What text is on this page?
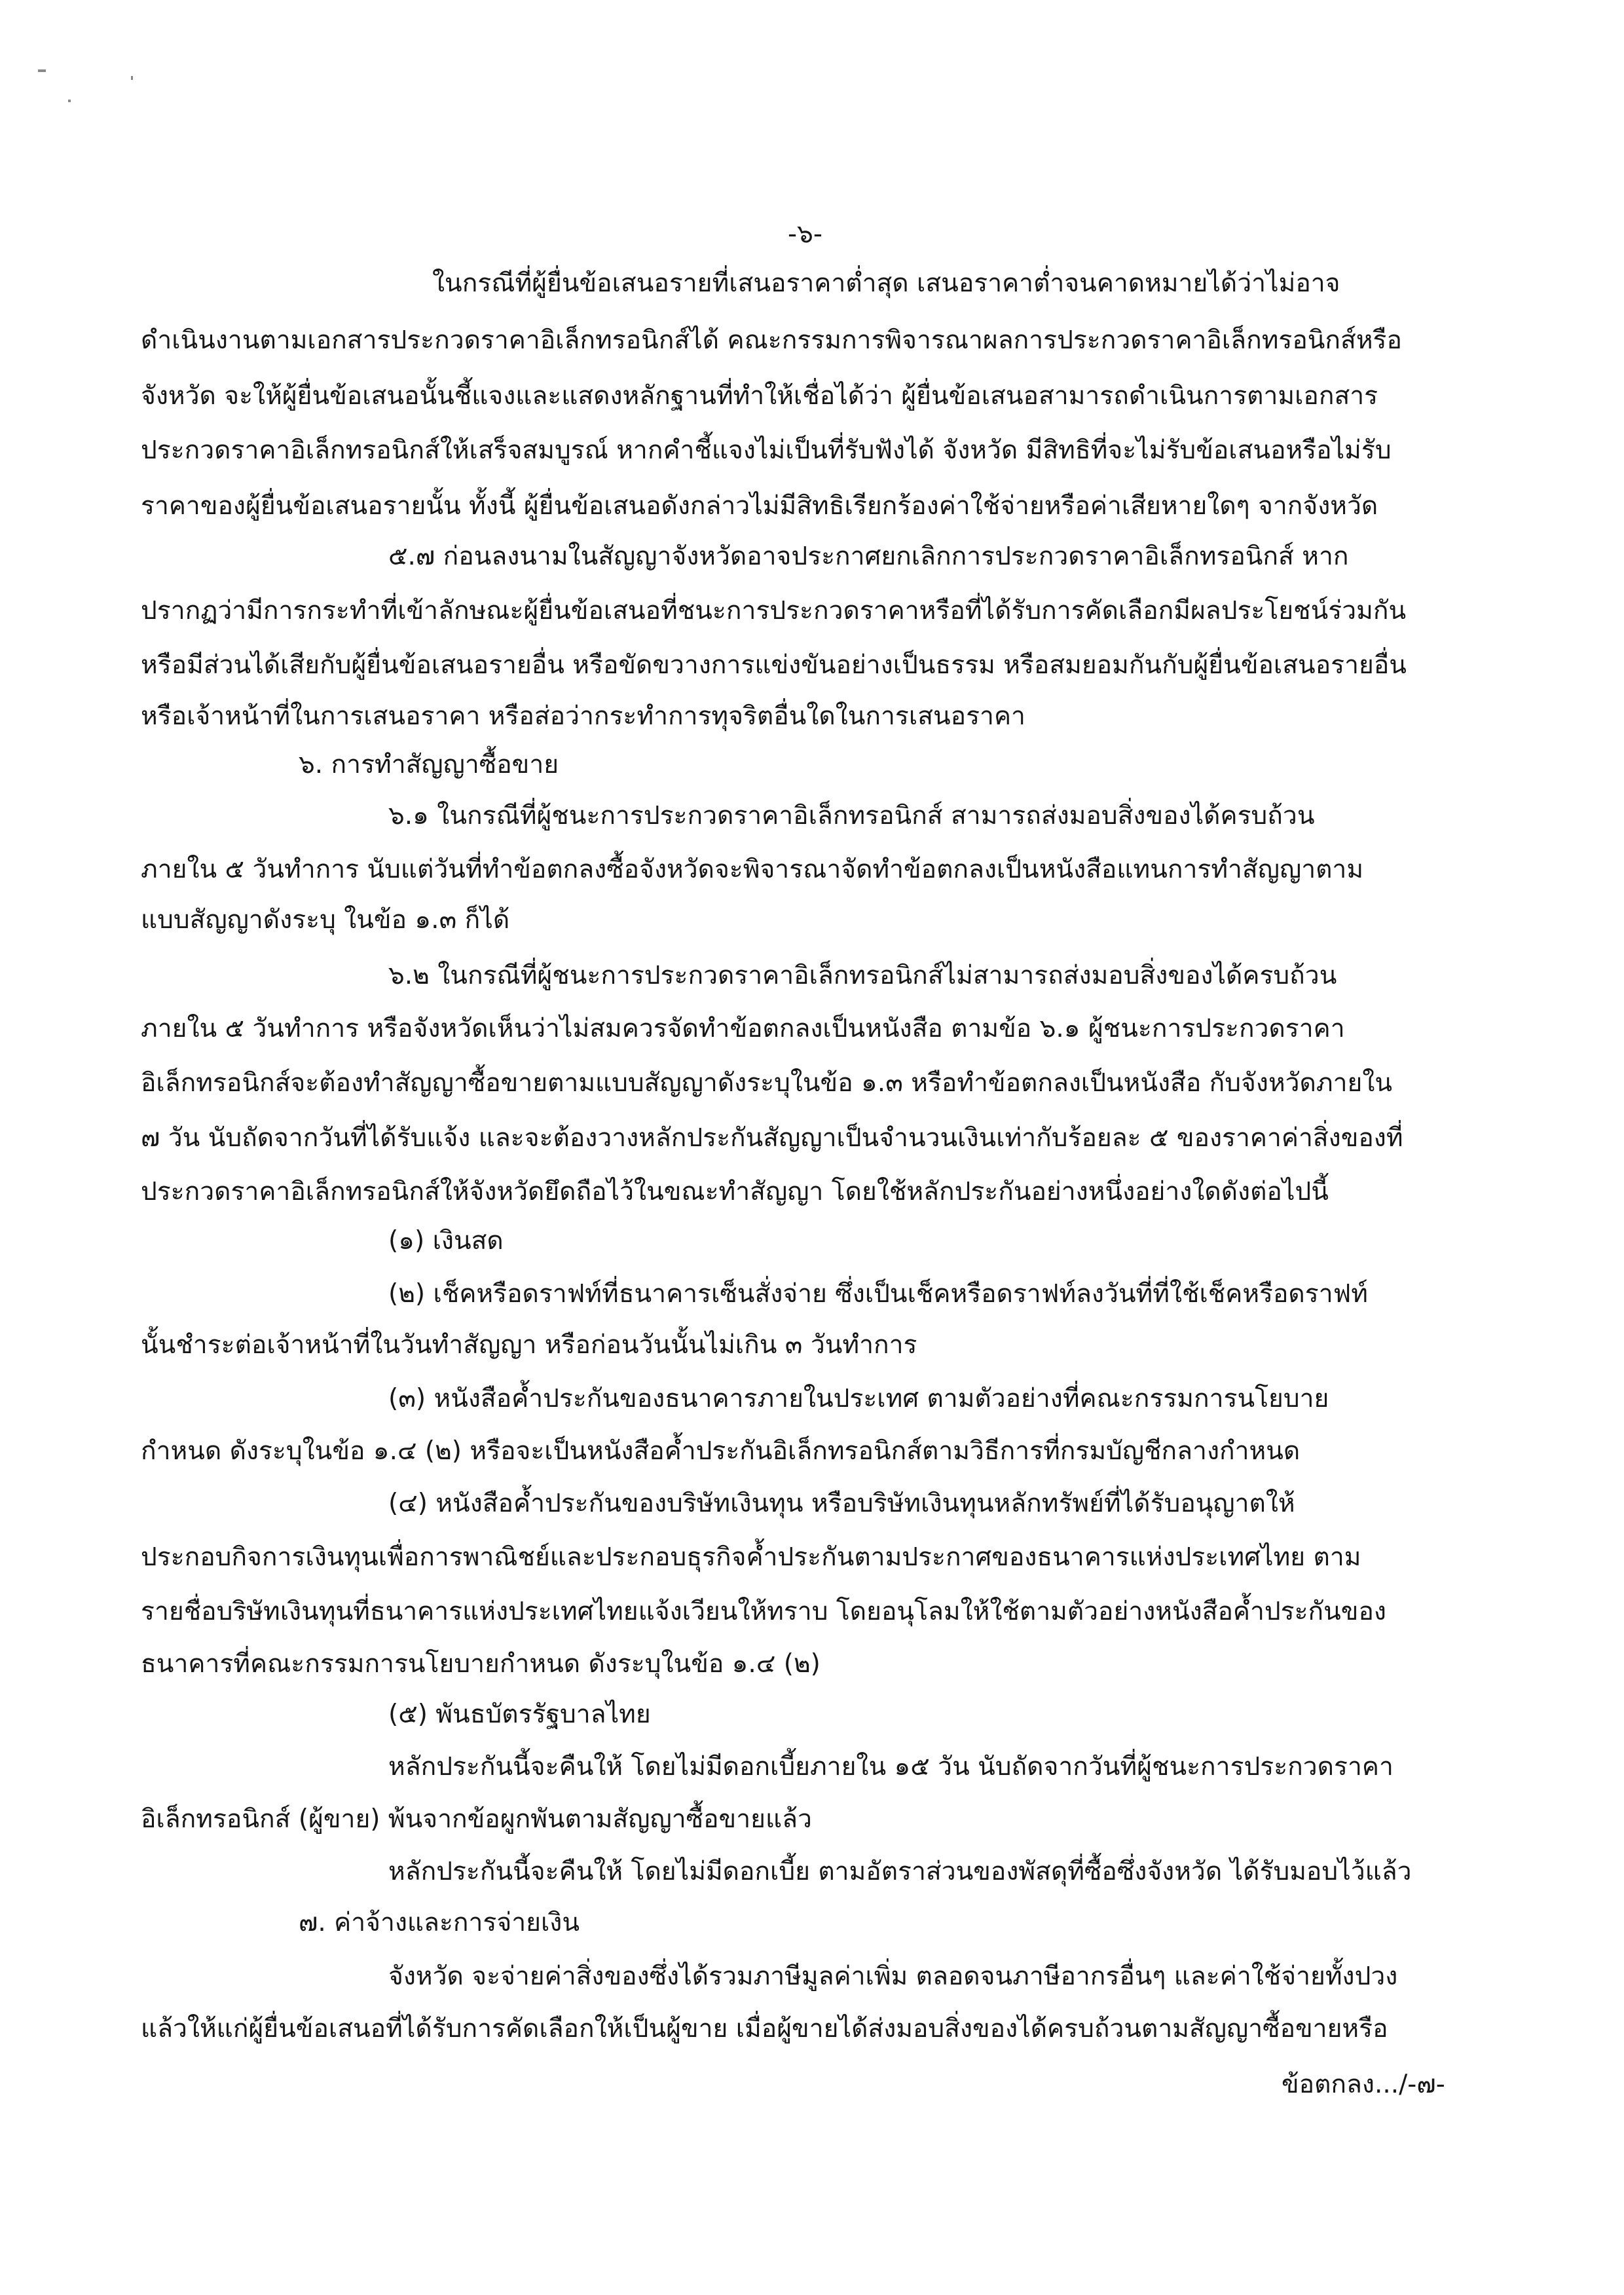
-๖-

ในกรณีที่ผู้ยื่นข้อเสนอรายที่เสนอราคาต่ำสุด เสนอราคาต่ำจนคาดหมายได้ว่าไม่อาจ

ดำเนินงานตามเอกสารประกวดราคาอิเล็กทรอนิกส์ได้ คณะกรรมการพิจารณาผลการประกวดราคาอิเล็กทรอนิกส์หรือ

จังหวัด จะให้ผู้ยื่นข้อเสนอนั้นชี้แจงและแสดงหลักฐานที่ทำให้เชื่อได้ว่า ผู้ยื่นข้อเสนอสามารถดำเนินการตามเอกสาร

ประกวดราคาอิเล็กทรอนิกส์ให้เสร็จสมบูรณ์ หากคำชี้แจงไม่เป็นที่รับฟังได้ จังหวัด มีสิทธิที่จะไม่รับข้อเสนอหรือไม่รับ

ราคาของผู้ยื่นข้อเสนอรายนั้น ทั้งนี้ ผู้ยื่นข้อเสนอดังกล่าวไม่มีสิทธิเรียกร้องค่าใช้จ่ายหรือค่าเสียหายใดๆ จากจังหวัด

๕.๗ ก่อนลงนามในสัญญาจังหวัดอาจประกาศยกเลิกการประกวดราคาอิเล็กทรอนิกส์ หาก

ปรากฏว่ามีการกระทำที่เข้าลักษณะผู้ยื่นข้อเสนอที่ชนะการประกวดราคาหรือที่ได้รับการคัดเลือกมีผลประโยชน์ร่วมกัน

หรือมีส่วนได้เสียกับผู้ยื่นข้อเสนอรายอื่น หรือขัดขวางการแข่งขันอย่างเป็นธรรม หรือสมยอมกันกับผู้ยื่นข้อเสนอรายอื่น

หรือเจ้าหน้าที่ในการเสนอราคา หรือส่อว่ากระทำการทุจริตอื่นใดในการเสนอราคา

๖. การทำสัญญาซื้อขาย

๖.๑ ในกรณีที่ผู้ชนะการประกวดราคาอิเล็กทรอนิกส์ สามารถส่งมอบสิ่งของได้ครบถ้วน

ภายใน ๕ วันทำการ นับแต่วันที่ทำข้อตกลงซื้อจังหวัดจะพิจารณาจัดทำข้อตกลงเป็นหนังสือแทนการทำสัญญาตาม

แบบสัญญาดังระบุ ในข้อ ๑.๓ ก็ได้

๖.๒ ในกรณีที่ผู้ชนะการประกวดราคาอิเล็กทรอนิกส์ไม่สามารถส่งมอบสิ่งของได้ครบถ้วน

ภายใน ๕ วันทำการ หรือจังหวัดเห็นว่าไม่สมควรจัดทำข้อตกลงเป็นหนังสือ ตามข้อ ๖.๑ ผู้ชนะการประกวดราคา

อิเล็กทรอนิกส์จะต้องทำสัญญาซื้อขายตามแบบสัญญาดังระบุในข้อ ๑.๓ หรือทำข้อตกลงเป็นหนังสือ กับจังหวัดภายใน

๗ วัน นับถัดจากวันที่ได้รับแจ้ง และจะต้องวางหลักประกันสัญญาเป็นจำนวนเงินเท่ากับร้อยละ ๕ ของราคาค่าสิ่งของที่

ประกวดราคาอิเล็กทรอนิกส์ให้จังหวัดยึดถือไว้ในขณะทำสัญญา โดยใช้หลักประกันอย่างหนึ่งอย่างใดดังต่อไปนี้

(๑) เงินสด

(๒) เช็คหรือดราฟท์ที่ธนาคารเซ็นสั่งจ่าย ซึ่งเป็นเช็คหรือดราฟท์ลงวันที่ที่ใช้เช็คหรือดราฟท์

นั้นชำระต่อเจ้าหน้าที่ในวันทำสัญญา หรือก่อนวันนั้นไม่เกิน ๓ วันทำการ

(๓) หนังสือค้ำประกันของธนาคารภายในประเทศ ตามตัวอย่างที่คณะกรรมการนโยบาย

กำหนด ดังระบุในข้อ ๑.๔ (๒) หรือจะเป็นหนังสือค้ำประกันอิเล็กทรอนิกส์ตามวิธีการที่กรมบัญชีกลางกำหนด

(๔) หนังสือค้ำประกันของบริษัทเงินทุน หรือบริษัทเงินทุนหลักทรัพย์ที่ได้รับอนุญาตให้

ประกอบกิจการเงินทุนเพื่อการพาณิชย์และประกอบธุรกิจค้ำประกันตามประกาศของธนาคารแห่งประเทศไทย ตาม

รายชื่อบริษัทเงินทุนที่ธนาคารแห่งประเทศไทยแจ้งเวียนให้ทราบ โดยอนุโลมให้ใช้ตามตัวอย่างหนังสือค้ำประกันของ

ธนาคารที่คณะกรรมการนโยบายกำหนด ดังระบุในข้อ ๑.๔ (๒)

(๕) พันธบัตรรัฐบาลไทย

หลักประกันนี้จะคืนให้ โดยไม่มีดอกเบี้ยภายใน ๑๕ วัน นับถัดจากวันที่ผู้ชนะการประกวดราคา

อิเล็กทรอนิกส์ (ผู้ขาย) พ้นจากข้อผูกพันตามสัญญาซื้อขายแล้ว

หลักประกันนี้จะคืนให้ โดยไม่มีดอกเบี้ย ตามอัตราส่วนของพัสดุที่ซื้อซึ่งจังหวัด ได้รับมอบไว้แล้ว

๗. ค่าจ้างและการจ่ายเงิน

จังหวัด จะจ่ายค่าสิ่งของซึ่งได้รวมภาษีมูลค่าเพิ่ม ตลอดจนภาษีอากรอื่นๆ และค่าใช้จ่ายทั้งปวง

แล้วให้แก่ผู้ยื่นข้อเสนอที่ได้รับการคัดเลือกให้เป็นผู้ขาย เมื่อผู้ขายได้ส่งมอบสิ่งของได้ครบถ้วนตามสัญญาซื้อขายหรือ

ข้อตกลง.../-๗-
